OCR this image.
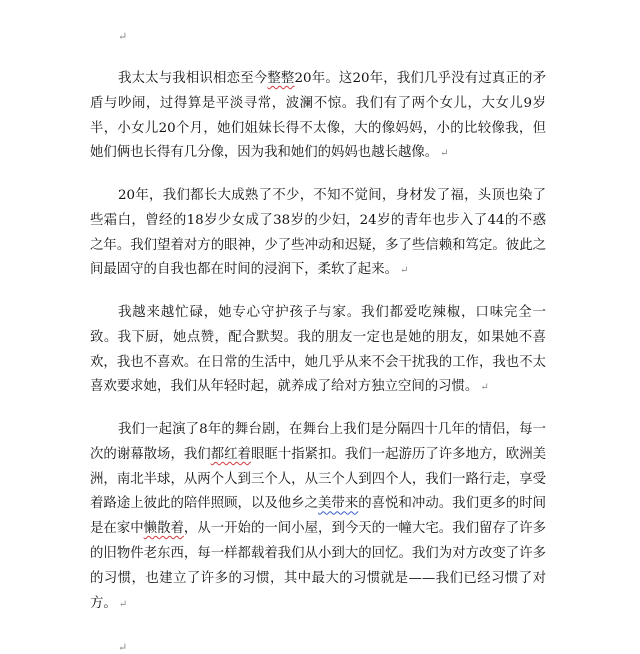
↵

我太太与我相识相恋至今整整20年。这20年，我们几乎没有过真正的矛盾与吵闹，过得算是平淡寻常，波澜不惊。我们有了两个女儿，大女儿9岁半，小女儿20个月，她们姐妹长得不太像，大的像妈妈，小的比较像我，但她们俩也长得有几分像，因为我和她们的妈妈也越长越像。 ↵

20年，我们都长大成熟了不少，不知不觉间，身材发了福，头顶也染了些霜白，曾经的18岁少女成了38岁的少妇，24岁的青年也步入了44的不惑之年。我们望着对方的眼神，少了些冲动和迟疑，多了些信赖和笃定。彼此之间最固守的自我也都在时间的浸润下，柔软了起来。 ↵

我越来越忙碌，她专心守护孩子与家。我们都爱吃辣椒，口味完全一致。我下厨，她点赞，配合默契。我的朋友一定也是她的朋友，如果她不喜欢，我也不喜欢。在日常的生活中，她几乎从来不会干扰我的工作，我也不太喜欢要求她，我们从年轻时起，就养成了给对方独立空间的习惯。 ↵

我们一起演了8年的舞台剧，在舞台上我们是分隔四十几年的情侣，每一次的谢幕散场，我们都红着眼眶十指紧扣。我们一起游历了许多地方，欧洲美洲，南北半球，从两个人到三个人，从三个人到四个人，我们一路行走，享受着路途上彼此的陪伴照顾，以及他乡之美带来的喜悦和冲动。我们更多的时间是在家中懒散着，从一开始的一间小屋，到今天的一幢大宅。我们留存了许多的旧物件老东西，每一样都载着我们从小到大的回忆。我们为对方改变了许多的习惯，也建立了许多的习惯，其中最大的习惯就是——我们已经习惯了对方。 ↵

↵
